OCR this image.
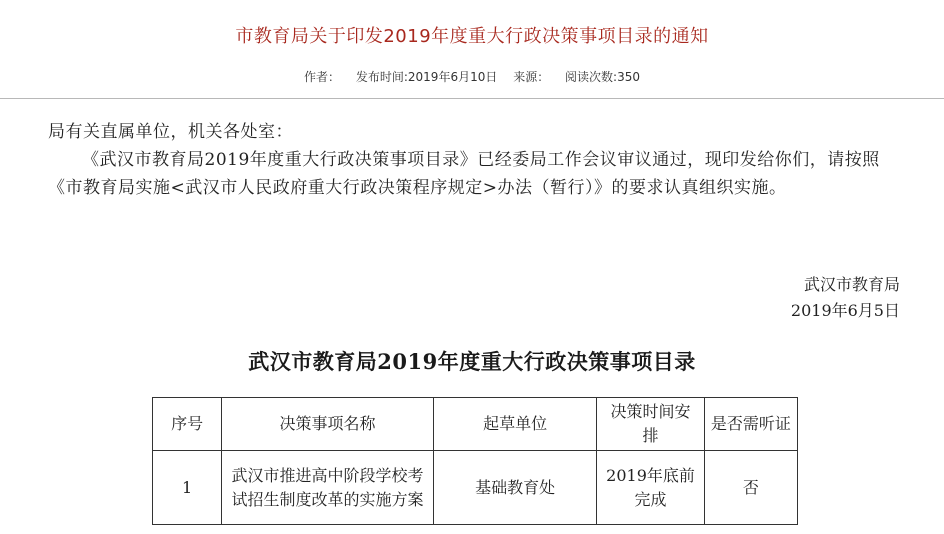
市教育局关于印发2019年度重大行政决策事项目录的通知
作者： 发布时间:2019年6月10日 来源： 阅读次数:350

局有关直属单位，机关各处室：

《武汉市教育局2019年度重大行政决策事项目录》已经委局工作会议审议通过，现印发给你们，请按照《市教育局实施<武汉市人民政府重大行政决策程序规定>办法（暂行）》的要求认真组织实施。

武汉市教育局
2019年6月5日
武汉市教育局2019年度重大行政决策事项目录
序号	决策事项名称	起草单位	决策时间安排	是否需听证
1	武汉市推进高中阶段学校考试招生制度改革的实施方案	基础教育处	2019年底前完成	否
